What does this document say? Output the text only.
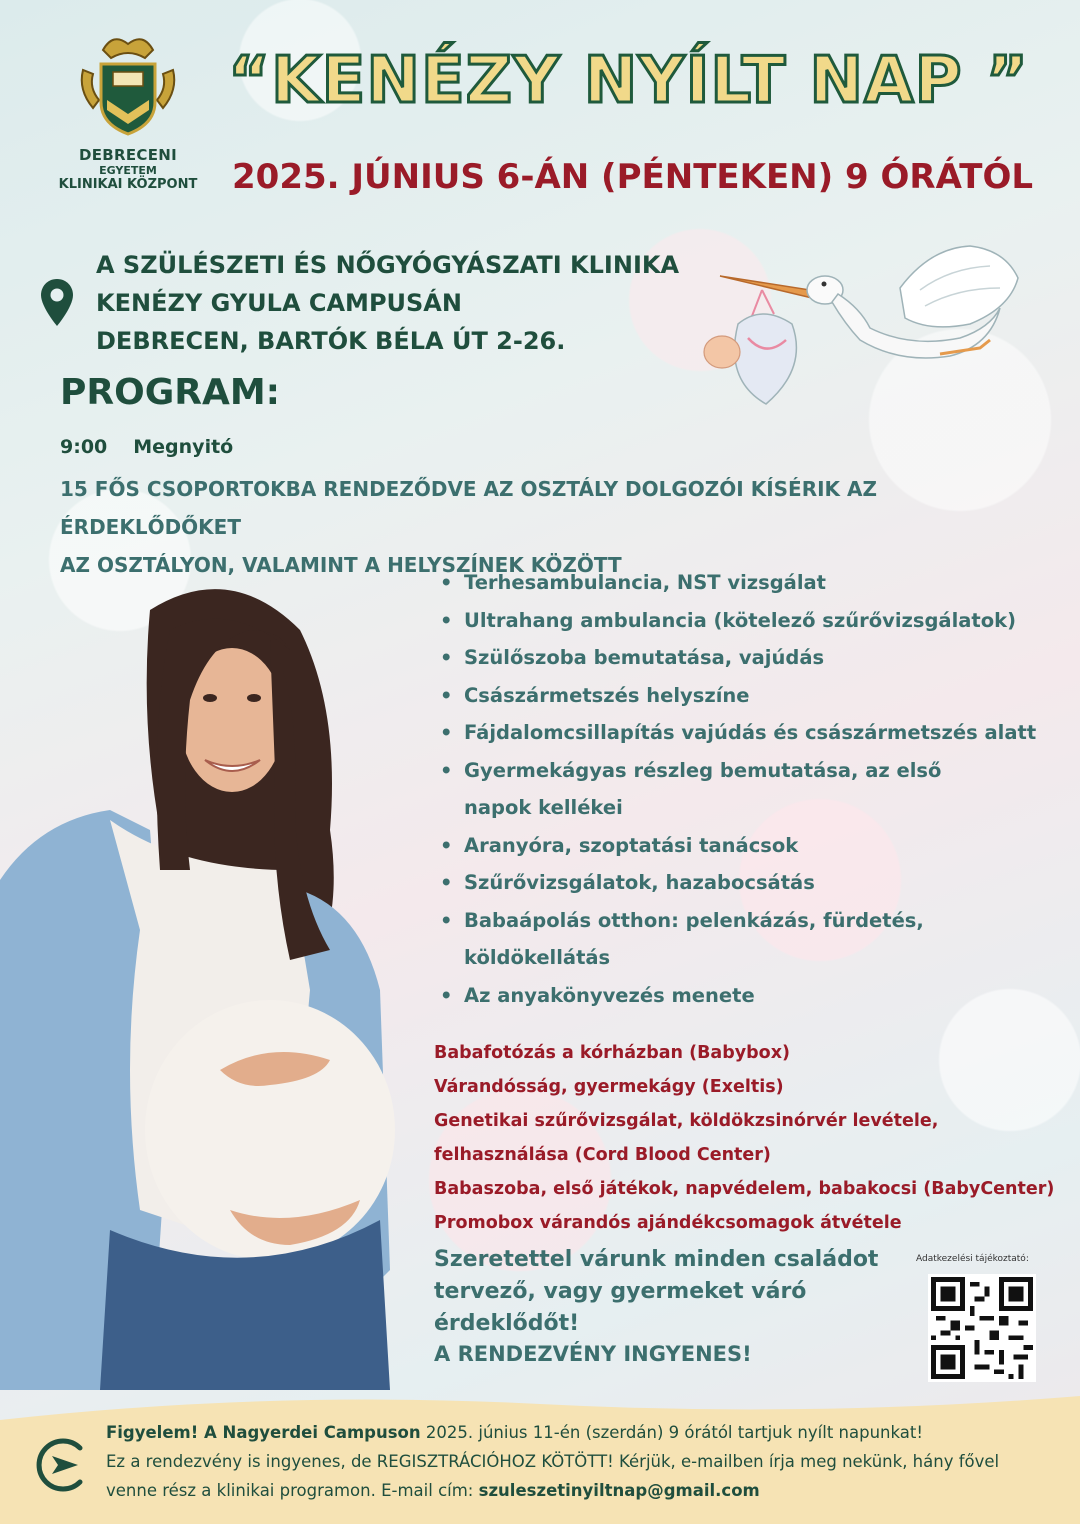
DEBRECENI
EGYETEM
KLINIKAI KÖZPONT
“KENÉZY NYÍLT NAP ”
2025. JÚNIUS 6-ÁN (PÉNTEKEN) 9 ÓRÁTÓL
A SZÜLÉSZETI ÉS NŐGYÓGYÁSZATI KLINIKA
KENÉZY GYULA CAMPUSÁN
DEBRECEN, BARTÓK BÉLA ÚT 2-26.
PROGRAM:
9:00 Megnyitó
15 FŐS CSOPORTOKBA RENDEZŐDVE AZ OSZTÁLY DOLGOZÓI KÍSÉRIK AZ ÉRDEKLŐDŐKET
AZ OSZTÁLYON, VALAMINT A HELYSZÍNEK KÖZÖTT
• Terhesambulancia, NST vizsgálat
• Ultrahang ambulancia (kötelező szűrővizsgálatok)
• Szülőszoba bemutatása, vajúdás
• Császármetszés helyszíne
• Fájdalomcsillapítás vajúdás és császármetszés alatt
• Gyermekágyas részleg bemutatása, az első napok kellékei
• Aranyóra, szoptatási tanácsok
• Szűrővizsgálatok, hazabocsátás
• Babaápolás otthon: pelenkázás, fürdetés, köldökellátás
• Az anyakönyvezés menete
Babafotózás a kórházban (Babybox)
Várandósság, gyermekágy (Exeltis)
Genetikai szűrővizsgálat, köldökzsinórvér levétele,
felhasználása (Cord Blood Center)
Babaszoba, első játékok, napvédelem, babakocsi (BabyCenter)
Promobox várandós ajándékcsomagok átvétele
Szeretettel várunk minden családot tervező, vagy gyermeket váró érdeklődőt!
A RENDEZVÉNY INGYENES!
Adatkezelési tájékoztató:
Figyelem! A Nagyerdei Campuson 2025. június 11-én (szerdán) 9 órától tartjuk nyílt napunkat!
Ez a rendezvény is ingyenes, de REGISZTRÁCIÓHOZ KÖTÖTT! Kérjük, e-mailben írja meg nekünk, hány fővel
venne rész a klinikai programon. E-mail cím: szuleszetinyiltnap@gmail.com
